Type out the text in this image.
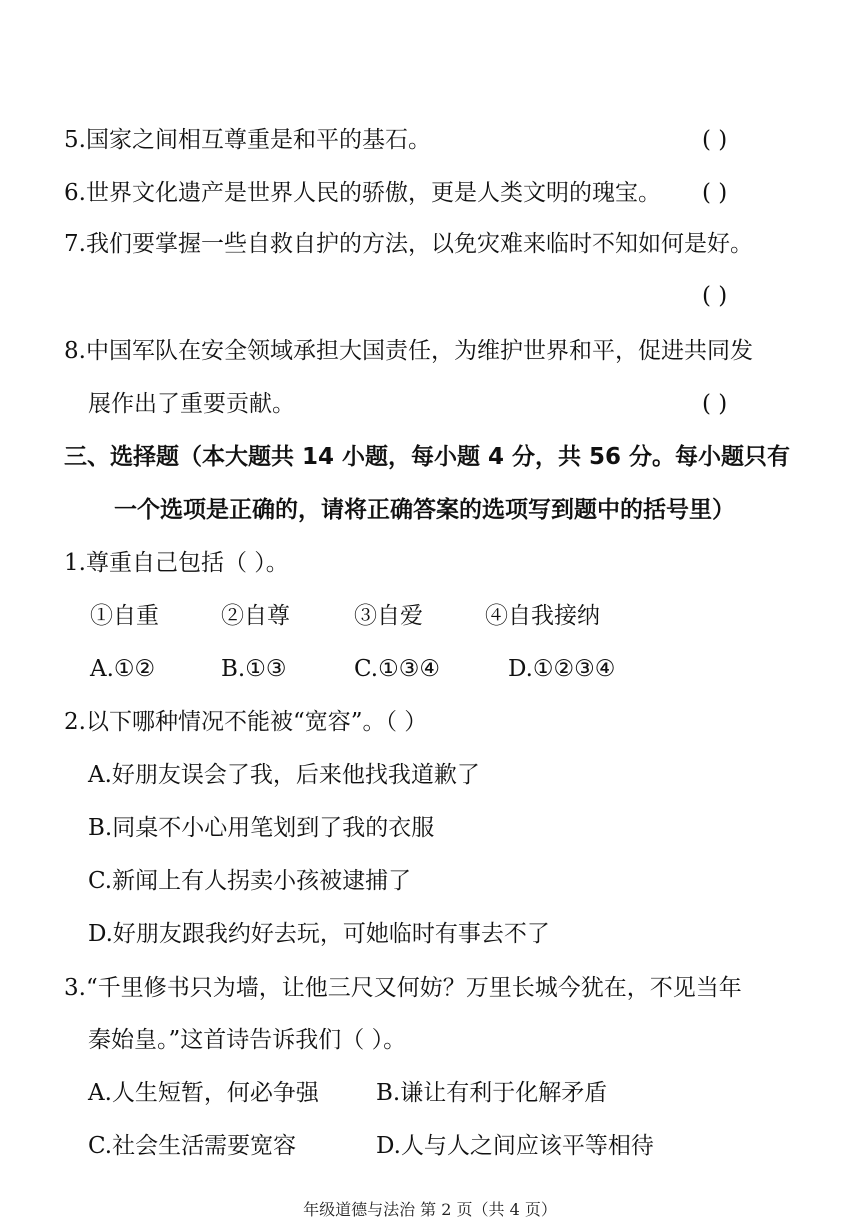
5.国家之间相互尊重是和平的基石。	( )
6.世界文化遗产是世界人民的骄傲，更是人类文明的瑰宝。 ( )
7.我们要掌握一些自救自护的方法，以免灾难来临时不知如何是好。
( )
8.中国军队在安全领域承担大国责任，为维护世界和平，促进共同发
展作出了重要贡献。	( )
三、选择题（本大题共 14 小题，每小题 4 分，共 56 分。每小题只有
一个选项是正确的，请将正确答案的选项写到题中的括号里）
1.尊重自己包括（ ）。
①自重	②自尊	③自爱	④自我接纳
A.①②	B.①③	C.①③④	D.①②③④
2.以下哪种情况不能被“宽容”。（ ）
A.好朋友误会了我，后来他找我道歉了
B.同桌不小心用笔划到了我的衣服
C.新闻上有人拐卖小孩被逮捕了
D.好朋友跟我约好去玩，可她临时有事去不了
3.“千里修书只为墙，让他三尺又何妨？万里长城今犹在，不见当年
秦始皇。”这首诗告诉我们（ ）。
A.人生短暂，何必争强 B.谦让有利于化解矛盾
C.社会生活需要宽容	D.人与人之间应该平等相待
年级道德与法治 第 2 页（共 4 页）
